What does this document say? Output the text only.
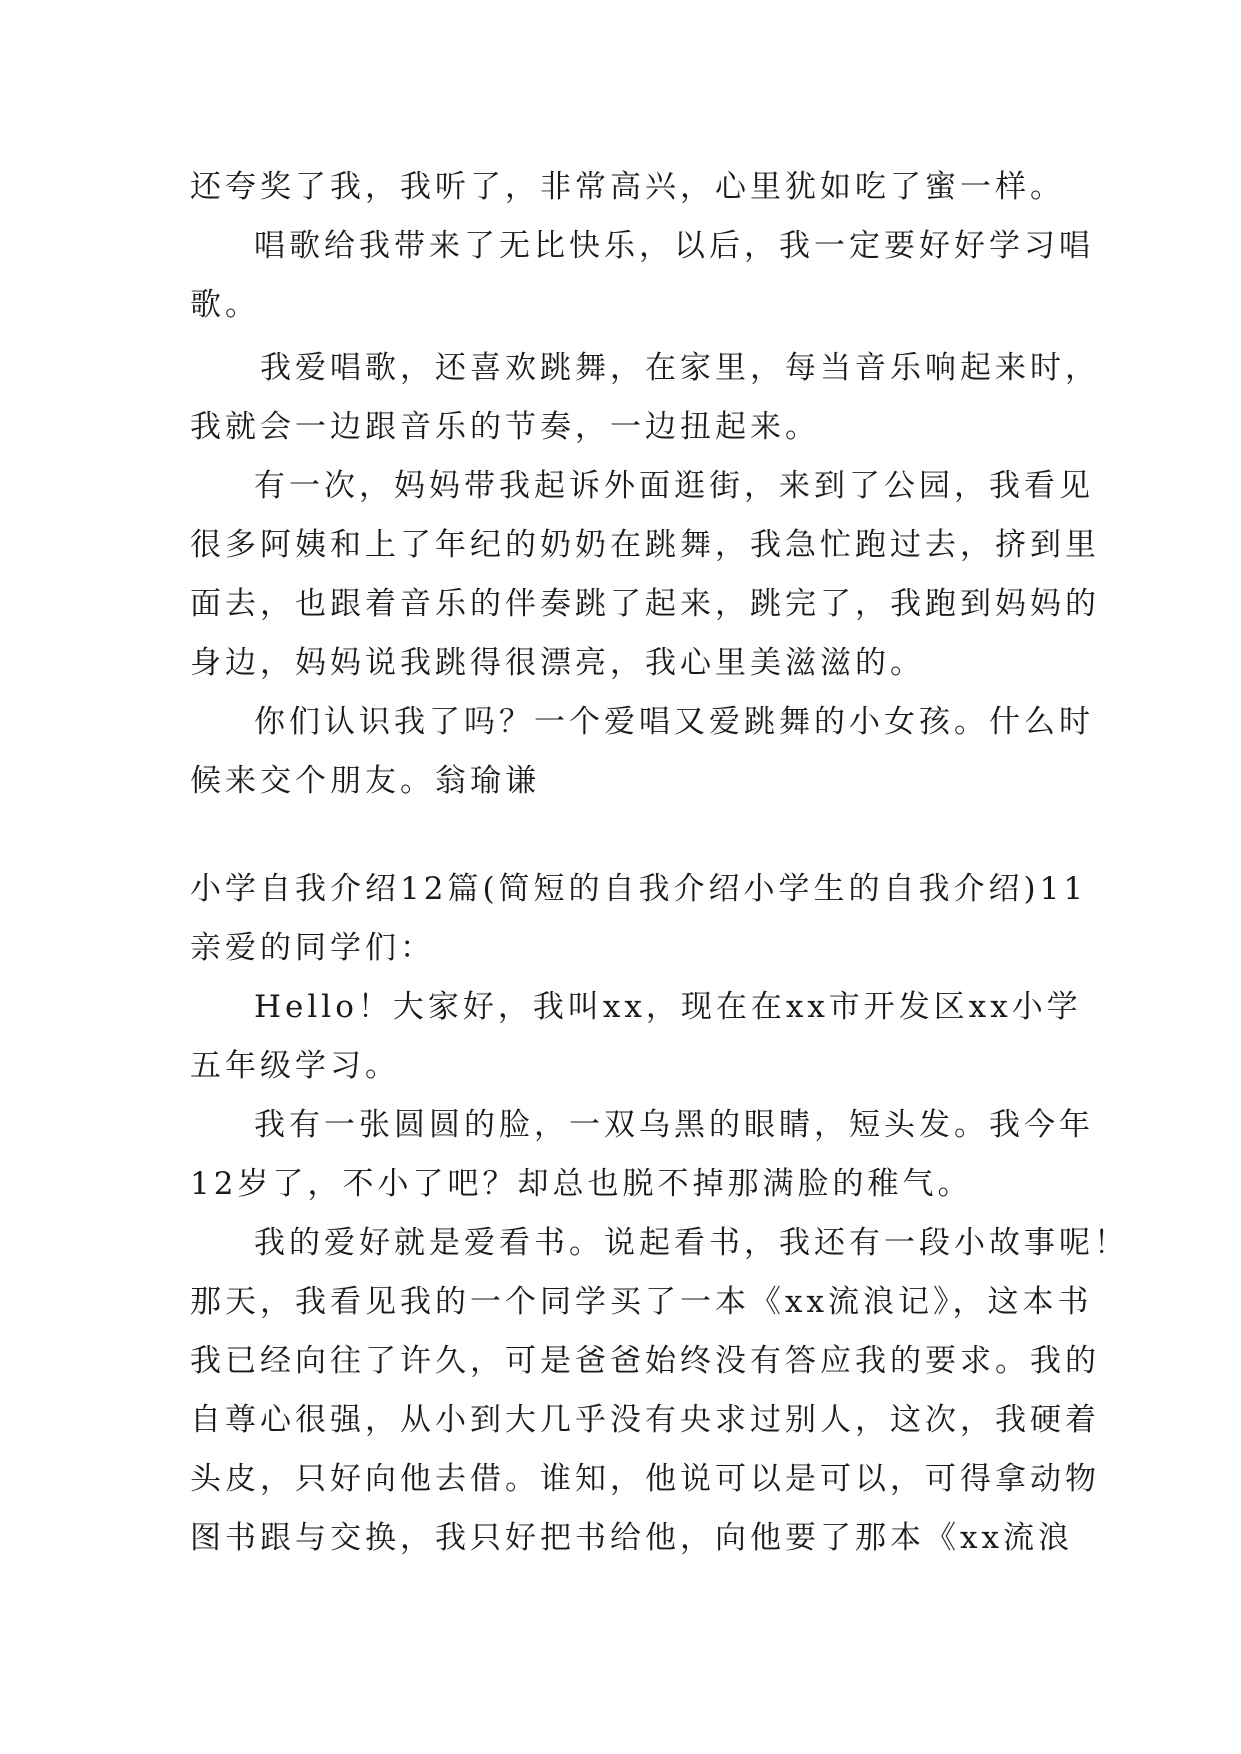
还夸奖了我，我听了，非常高兴，心里犹如吃了蜜一样。
唱歌给我带来了无比快乐，以后，我一定要好好学习唱
歌。
我爱唱歌，还喜欢跳舞，在家里，每当音乐响起来时，
我就会一边跟音乐的节奏，一边扭起来。
有一次，妈妈带我起诉外面逛街，来到了公园，我看见
很多阿姨和上了年纪的奶奶在跳舞，我急忙跑过去，挤到里
面去，也跟着音乐的伴奏跳了起来，跳完了，我跑到妈妈的
身边，妈妈说我跳得很漂亮，我心里美滋滋的。
你们认识我了吗？一个爱唱又爱跳舞的小女孩。什么时
候来交个朋友。翁瑜谦
小学自我介绍12篇(简短的自我介绍小学生的自我介绍)11
亲爱的同学们：
Hello！大家好，我叫xx，现在在xx市开发区xx小学
五年级学习。
我有一张圆圆的脸，一双乌黑的眼睛，短头发。我今年
12岁了，不小了吧？却总也脱不掉那满脸的稚气。
我的爱好就是爱看书。说起看书，我还有一段小故事呢！
那天，我看见我的一个同学买了一本《xx流浪记》，这本书
我已经向往了许久，可是爸爸始终没有答应我的要求。我的
自尊心很强，从小到大几乎没有央求过别人，这次，我硬着
头皮，只好向他去借。谁知，他说可以是可以，可得拿动物
图书跟与交换，我只好把书给他，向他要了那本《xx流浪
